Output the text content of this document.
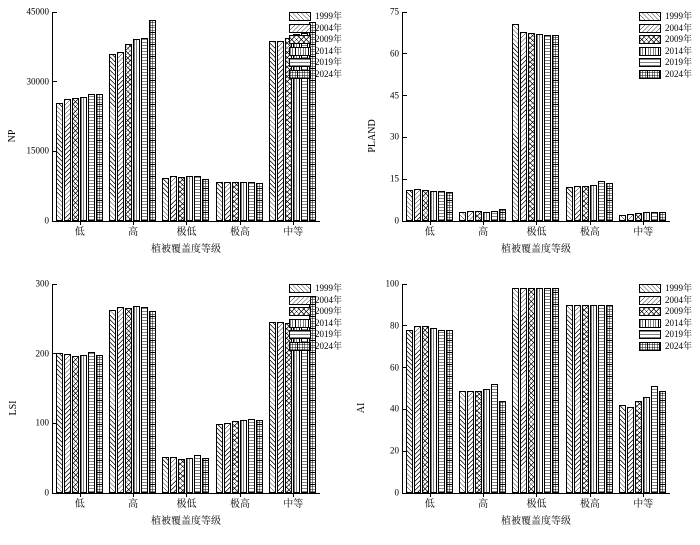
NP
低	高	极低	极高	中等
0
15000
30000
45000
植被覆盖度等级
1999年
2004年
2009年
2014年
2019年
2024年
PLAND
低	高	极低	极高	中等
0
15
30
45
60
75
植被覆盖度等级
1999年
2004年
2009年
2014年
2019年
2024年
LSI
低	高	极低	极高	中等
0
100
200
300
植被覆盖度等级
1999年
2004年
2009年
2014年
2019年
2024年
AI
低	高	极低	极高	中等
0
20
40
60
80
100
植被覆盖度等级
1999年
2004年
2009年
2014年
2019年
2024年
